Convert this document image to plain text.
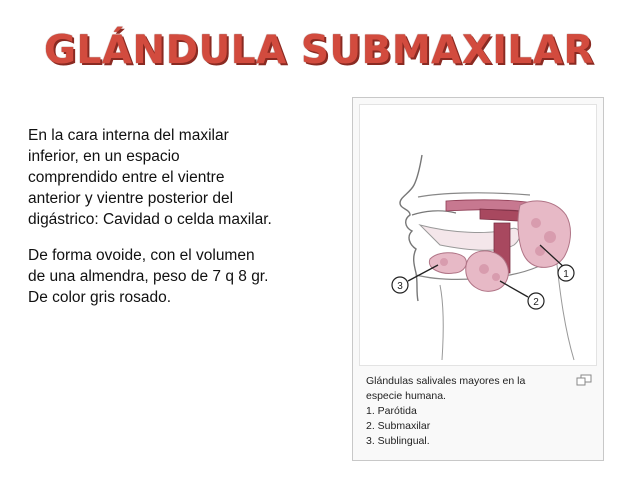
GLÁNDULA SUBMAXILAR

En la cara interna del maxilar inferior, en un espacio comprendido entre el vientre anterior y vientre posterior del digástrico: Cavidad o celda maxilar.

De forma ovoide, con el volumen de una almendra, peso de 7 q 8 gr. De color gris rosado.

1
2
3
Glándulas salivales mayores en la
especie humana.
1. Parótida
2. Submaxilar
3. Sublingual.
